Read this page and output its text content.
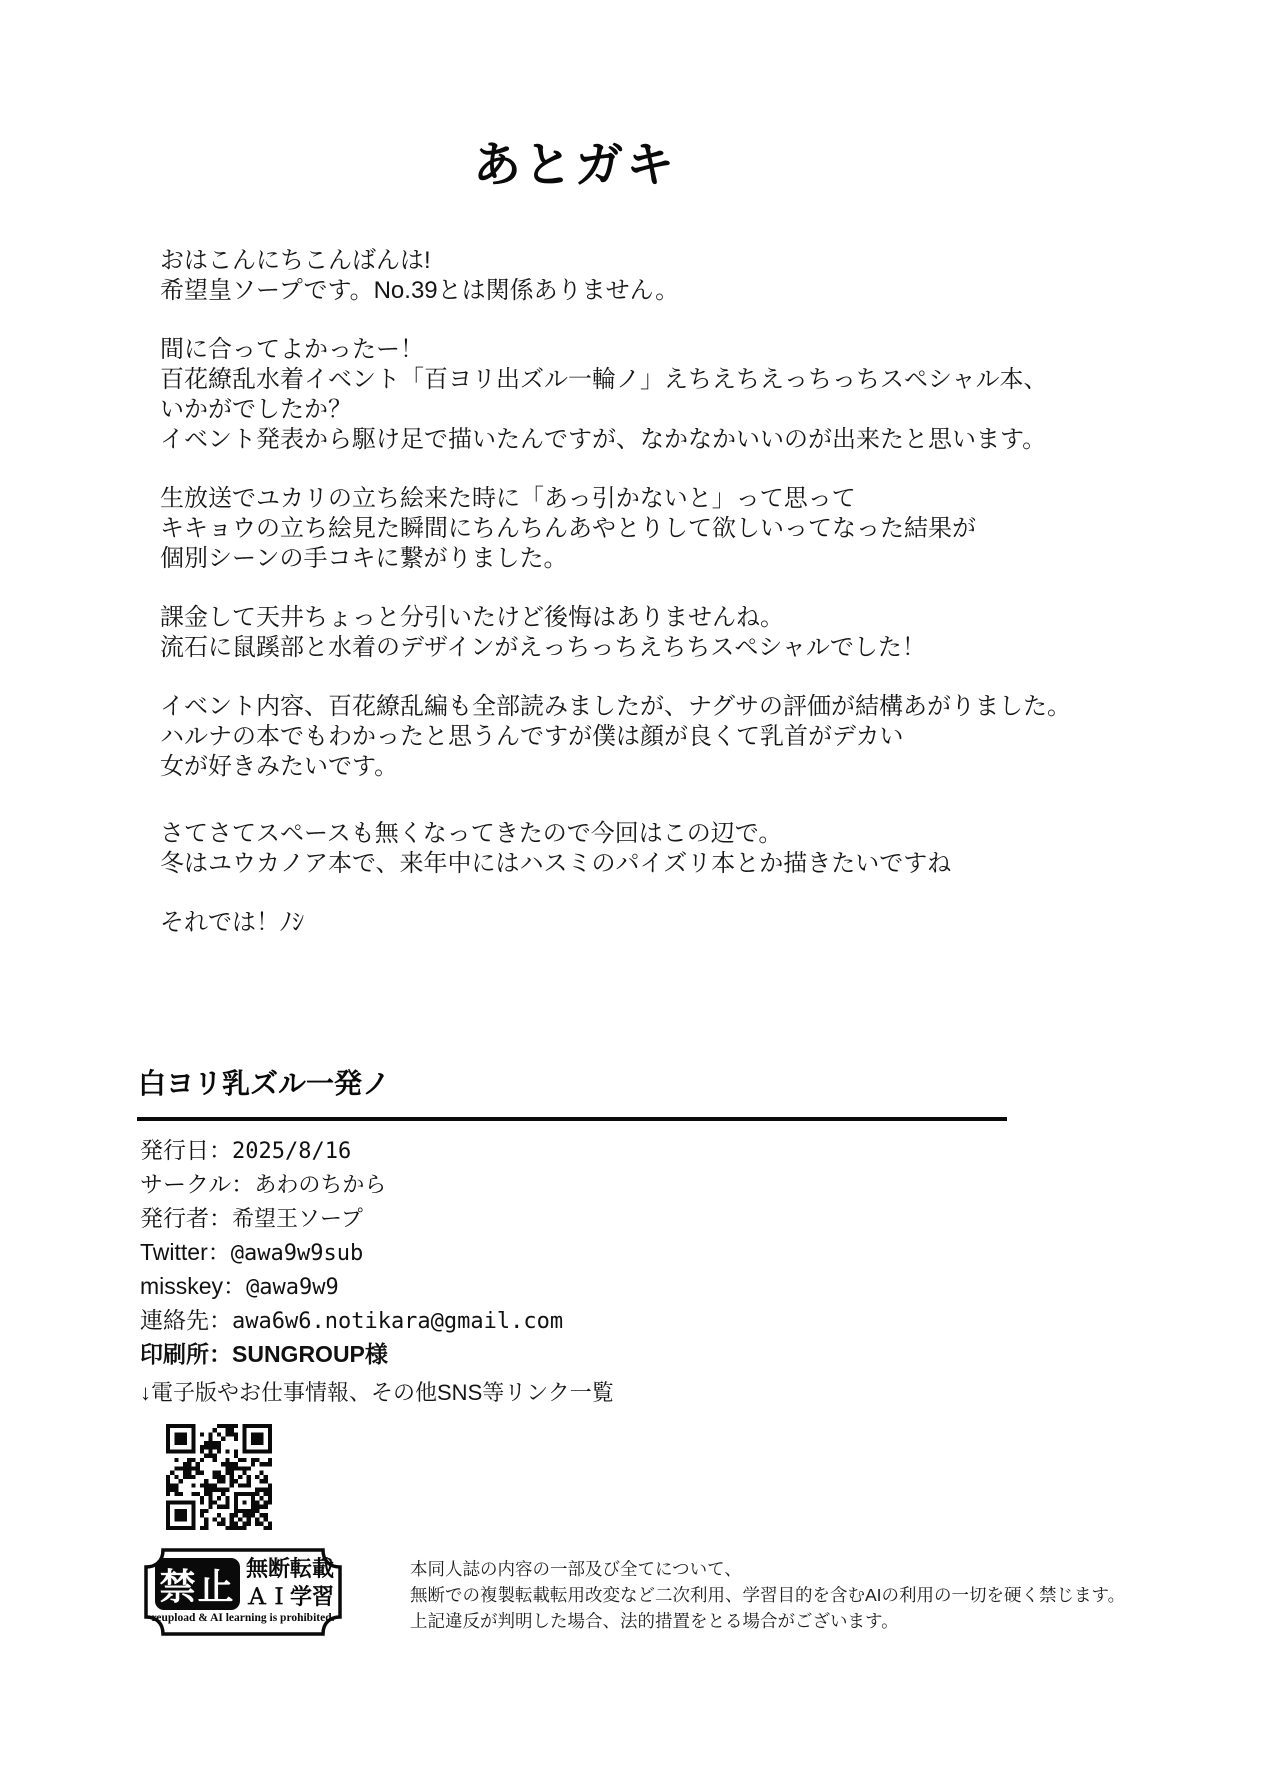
あとガキ
おはこんにちこんばんは!
希望皇ソープです。No.39とは関係ありません。
間に合ってよかったー！
百花繚乱水着イベント「百ヨリ出ズル一輪ノ」えちえちえっちっちスペシャル本、
いかがでしたか？
イベント発表から駆け足で描いたんですが、なかなかいいのが出来たと思います。
生放送でユカリの立ち絵来た時に「あっ引かないと」って思って
キキョウの立ち絵見た瞬間にちんちんあやとりして欲しいってなった結果が
個別シーンの手コキに繋がりました。
課金して天井ちょっと分引いたけど後悔はありませんね。
流石に鼠蹊部と水着のデザインがえっちっちえちちスペシャルでした！
イベント内容、百花繚乱編も全部読みましたが、ナグサの評価が結構あがりました。
ハルナの本でもわかったと思うんですが僕は顔が良くて乳首がデカい
女が好きみたいです。
さてさてスペースも無くなってきたので今回はこの辺で。
冬はユウカノア本で、来年中にはハスミのパイズリ本とか描きたいですね
それでは！ﾉｼ
白ヨリ乳ズル一発ノ
発行日：2025/8/16
サークル：あわのちから
発行者：希望王ソープ
Twitter：@awa9w9sub
misskey：@awa9w9
連絡先：awa6w6.notikara@gmail.com
印刷所：SUNGROUP様
↓電子版やお仕事情報、その他SNS等リンク一覧
禁止 無断転載
ＡＩ学習
reupload & AI learning is prohibited.
本同人誌の内容の一部及び全てについて、
無断での複製転載転用改変など二次利用、学習目的を含むAIの利用の一切を硬く禁じます。
上記違反が判明した場合、法的措置をとる場合がございます。
